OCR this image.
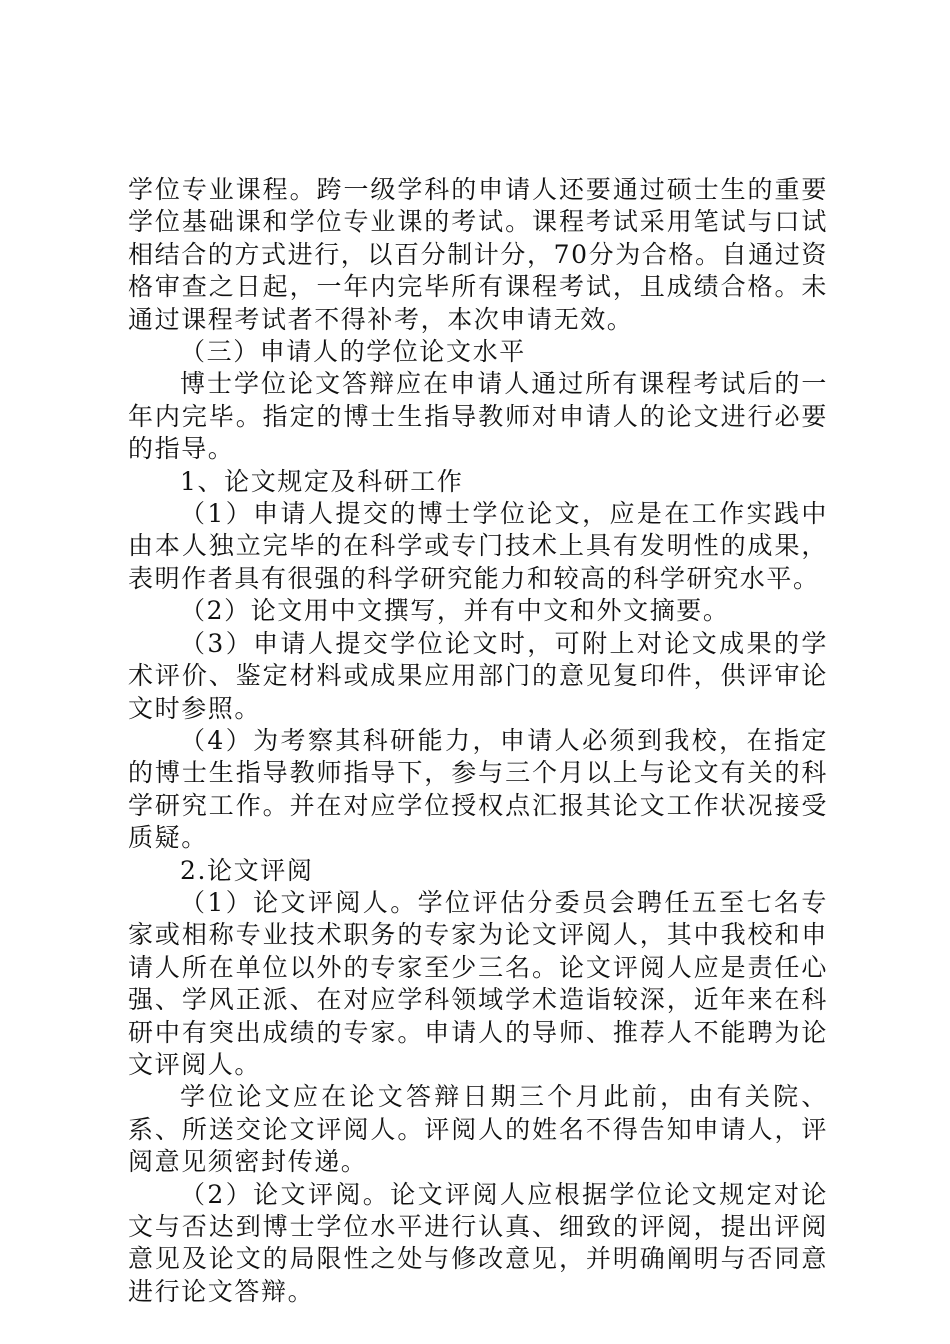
学位专业课程。跨一级学科的申请人还要通过硕士生的重要学位基础课和学位专业课的考试。课程考试采用笔试与口试相结合的方式进行，以百分制计分，70分为合格。自通过资格审查之日起，一年内完毕所有课程考试，且成绩合格。未通过课程考试者不得补考，本次申请无效。

（三）申请人的学位论文水平

博士学位论文答辩应在申请人通过所有课程考试后的一年内完毕。指定的博士生指导教师对申请人的论文进行必要的指导。

1、论文规定及科研工作

（1）申请人提交的博士学位论文，应是在工作实践中由本人独立完毕的在科学或专门技术上具有发明性的成果，表明作者具有很强的科学研究能力和较高的科学研究水平。

（2）论文用中文撰写，并有中文和外文摘要。

（3）申请人提交学位论文时，可附上对论文成果的学术评价、鉴定材料或成果应用部门的意见复印件，供评审论文时参照。

（4）为考察其科研能力，申请人必须到我校，在指定的博士生指导教师指导下，参与三个月以上与论文有关的科学研究工作。并在对应学位授权点汇报其论文工作状况接受质疑。

2.论文评阅

（1）论文评阅人。学位评估分委员会聘任五至七名专家或相称专业技术职务的专家为论文评阅人，其中我校和申请人所在单位以外的专家至少三名。论文评阅人应是责任心强、学风正派、在对应学科领域学术造诣较深，近年来在科研中有突出成绩的专家。申请人的导师、推荐人不能聘为论文评阅人。

学位论文应在论文答辩日期三个月此前，由有关院、系、所送交论文评阅人。评阅人的姓名不得告知申请人，评阅意见须密封传递。

（2）论文评阅。论文评阅人应根据学位论文规定对论文与否达到博士学位水平进行认真、细致的评阅，提出评阅意见及论文的局限性之处与修改意见，并明确阐明与否同意进行论文答辩。
